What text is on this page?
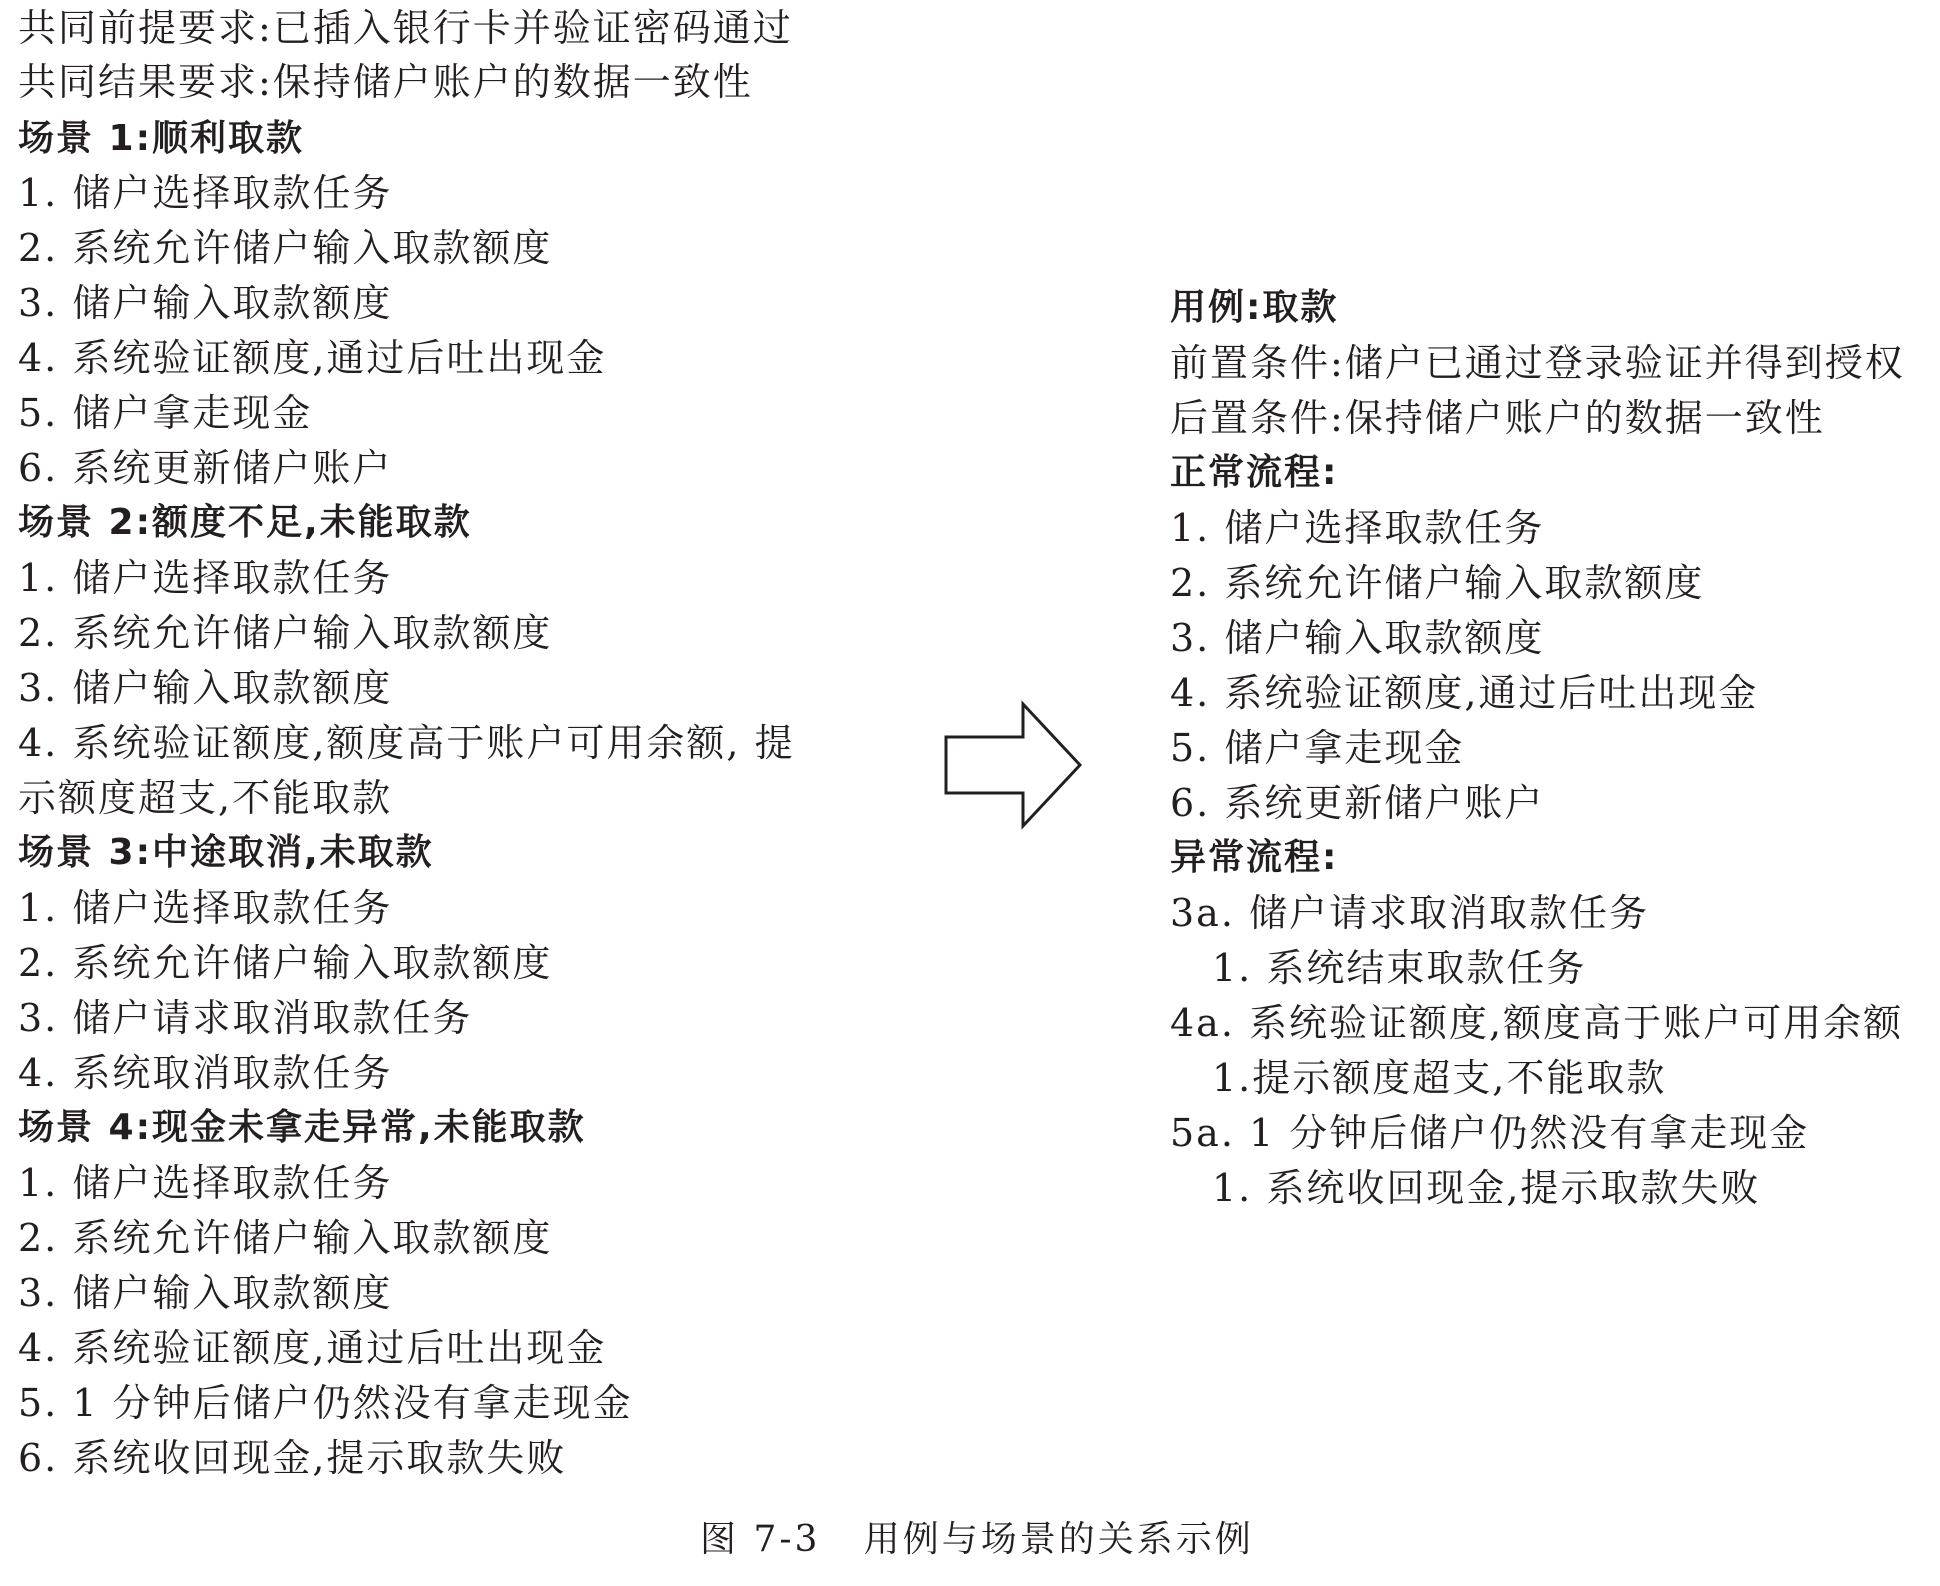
共同前提要求:已插入银行卡并验证密码通过
共同结果要求:保持储户账户的数据一致性
场景 1:顺利取款
1. 储户选择取款任务
2. 系统允许储户输入取款额度
3. 储户输入取款额度
4. 系统验证额度,通过后吐出现金
5. 储户拿走现金
6. 系统更新储户账户
场景 2:额度不足,未能取款
1. 储户选择取款任务
2. 系统允许储户输入取款额度
3. 储户输入取款额度
4. 系统验证额度,额度高于账户可用余额, 提
示额度超支,不能取款
场景 3:中途取消,未取款
1. 储户选择取款任务
2. 系统允许储户输入取款额度
3. 储户请求取消取款任务
4. 系统取消取款任务
场景 4:现金未拿走异常,未能取款
1. 储户选择取款任务
2. 系统允许储户输入取款额度
3. 储户输入取款额度
4. 系统验证额度,通过后吐出现金
5. 1 分钟后储户仍然没有拿走现金
6. 系统收回现金,提示取款失败
用例:取款
前置条件:储户已通过登录验证并得到授权
后置条件:保持储户账户的数据一致性
正常流程:
1. 储户选择取款任务
2. 系统允许储户输入取款额度
3. 储户输入取款额度
4. 系统验证额度,通过后吐出现金
5. 储户拿走现金
6. 系统更新储户账户
异常流程:
3a. 储户请求取消取款任务
1. 系统结束取款任务
4a. 系统验证额度,额度高于账户可用余额
1.提示额度超支,不能取款
5a. 1 分钟后储户仍然没有拿走现金
1. 系统收回现金,提示取款失败
图 7-3   用例与场景的关系示例
